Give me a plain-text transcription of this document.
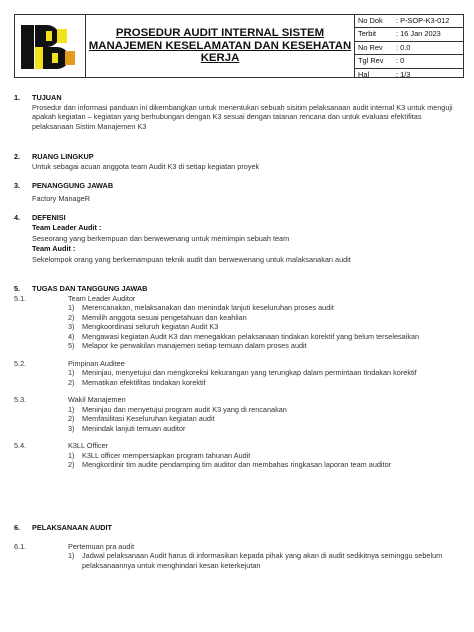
PROSEDUR AUDIT INTERNAL SISTEM
MANAJEMEN KESELAMATAN DAN KESEHATAN
KERJA
No Dok	: P-SOP-K3-012
Terbit	: 16 Jan 2023
No Rev	: 0.0
Tgl Rev	: 0
Hal	: 1/3
1. TUJUAN
Prosedur dan informasi panduan ini dikembangkan untuk menentukan sebuah sisitim pelaksanaan audit internal K3 untuk menguji apakah kegiatan – kegiatan yang berhubungan dengan K3 sesuai dengan tatanan rencana dan untuk evaluasi efektifitas pelaksanaan Sistim Manajemen K3
2. RUANG LINGKUP
Untuk sebagai acuan anggota team Audit K3 di setiap kegiatan proyek
3. PENANGGUNG JAWAB
Factory ManageR
4. DEFENISI
Team Leader Audit :
Seseorang yang berkempuan dan berwewenang untuk memimpin sebuah team
Team Audit :
Sekelompok orang yang berkemampuan teknik audit dan berwewenang untuk malaksanakan audit
5. TUGAS DAN TANGGUNG JAWAB
5.1.	Team Leader Auditor
1)	Merencanakan, melaksanakan dan menindak lanjuti keseluruhan proses audit
2)	Memilih anggota sesuai pengetahuan dan keahlian
3)	Mengkoordinasi seluruh kegiatan Audit K3
4)	Mengawasi kegiatan Audit K3 dan menegakkan pelaksanaan tindakan korektif yang belum terselesaikan
5)	Melapor ke perwakilan manajemen setiap temuan dalam proses audit
5.2.	Pimpinan Auditee
1)	Meninjau, menyetujui dan mengkoreksi kekurangan yang terungkap dalam permintaan tindakan korektif
2)	Mematikan efektifitas tindakan korektif
5.3.	Wakil Manajemen
1)	Meninjau dan menyetujui program audit K3 yang di rencanakan
2)	Memfasilitasi Keseluruhan kegiatan audit
3)	Menindak lanjuti temuan auditor
5.4.	K3LL Officer
1)	K3LL officer mempersiapkan program tahunan Audit
2)	Mengkordinir tim audite pendamping tim auditor dan membahas ringkasan laporan team auditor
6. PELAKSANAAN AUDIT
6.1.	Pertemuan pra audit
1)	Jadwal pelaksanaan Audit harus di informasikan kepada pihak yang akan di audit sedikitnya seminggu sebelum pelaksanaannya untuk menghindari kesan keterkejutan
